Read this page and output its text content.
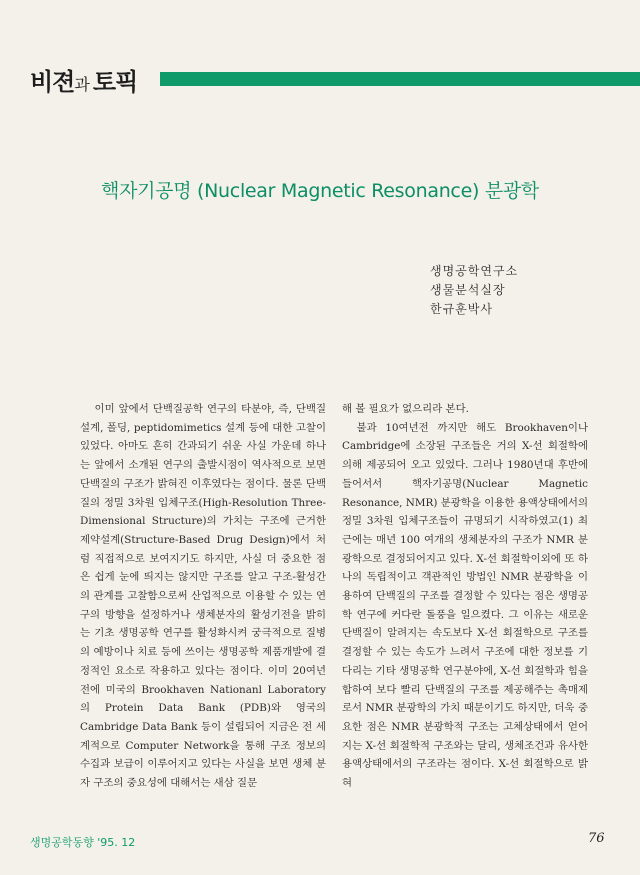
비젼과 토픽
핵자기공명 (Nuclear Magnetic Resonance) 분광학
생명공학연구소
생물분석실장
한규훈박사

이미 앞에서 단백질공학 연구의 타분야, 즉, 단백질 설계, 폴딩, peptidomimetics 설계 등에 대한 고찰이 있었다. 아마도 흔히 간과되기 쉬운 사실 가운데 하나는 앞에서 소개된 연구의 출발시점이 역사적으로 보면 단백질의 구조가 밝혀진 이후였다는 점이다. 물론 단백질의 정밀 3차원 입체구조(High-Resolution Three-Dimensional Structure)의 가치는 구조에 근거한 제약설계(Structure-Based Drug Design)에서 처럼 직접적으로 보여지기도 하지만, 사실 더 중요한 점은 쉽게 눈에 띄지는 않지만 구조를 알고 구조-활성간의 관계를 고찰함으로써 산업적으로 이용할 수 있는 연구의 방향을 설정하거나 생체분자의 활성기전을 밝히는 기초 생명공학 연구를 활성화시켜 궁극적으로 질병의 예방이나 치료 등에 쓰이는 생명공학 제품개발에 결정적인 요소로 작용하고 있다는 점이다. 이미 20여년 전에 미국의 Brookhaven Nationanl Laboratory의 Protein Data Bank (PDB)와 영국의 Cambridge Data Bank 등이 설립되어 지금은 전 세계적으로 Computer Network을 통해 구조 정보의 수집과 보급이 이루어지고 있다는 사실을 보면 생체 분자 구조의 중요성에 대해서는 새삼 질문

해 볼 필요가 없으리라 본다.

불과 10여년전 까지만 해도 Brookhaven이나 Cambridge에 소장된 구조들은 거의 X-선 회절학에 의해 제공되어 오고 있었다. 그러나 1980년대 후반에 들어서서 핵자기공명(Nuclear Magnetic Resonance, NMR) 분광학을 이용한 용액상태에서의 정밀 3차원 입체구조들이 규명되기 시작하였고(1) 최근에는 매년 100 여개의 생체분자의 구조가 NMR 분광학으로 결정되어지고 있다. X-선 회절학이외에 또 하나의 독립적이고 객관적인 방법인 NMR 분광학을 이용하여 단백질의 구조를 결정할 수 있다는 점은 생명공학 연구에 커다란 돌풍을 일으켰다. 그 이유는 새로운 단백질이 알려지는 속도보다 X-선 회절학으로 구조를 결정할 수 있는 속도가 느려서 구조에 대한 정보를 기다리는 기타 생명공학 연구분야에, X-선 회절학과 힘을 합하여 보다 빨리 단백질의 구조를 제공해주는 촉매제로서 NMR 분광학의 가치 때문이기도 하지만, 더욱 중요한 점은 NMR 분광학적 구조는 고체상태에서 얻어지는 X-선 회절학적 구조와는 달리, 생체조건과 유사한 용액상태에서의 구조라는 점이다. X-선 회절학으로 밝혀

생명공학동향 '95. 12	76
